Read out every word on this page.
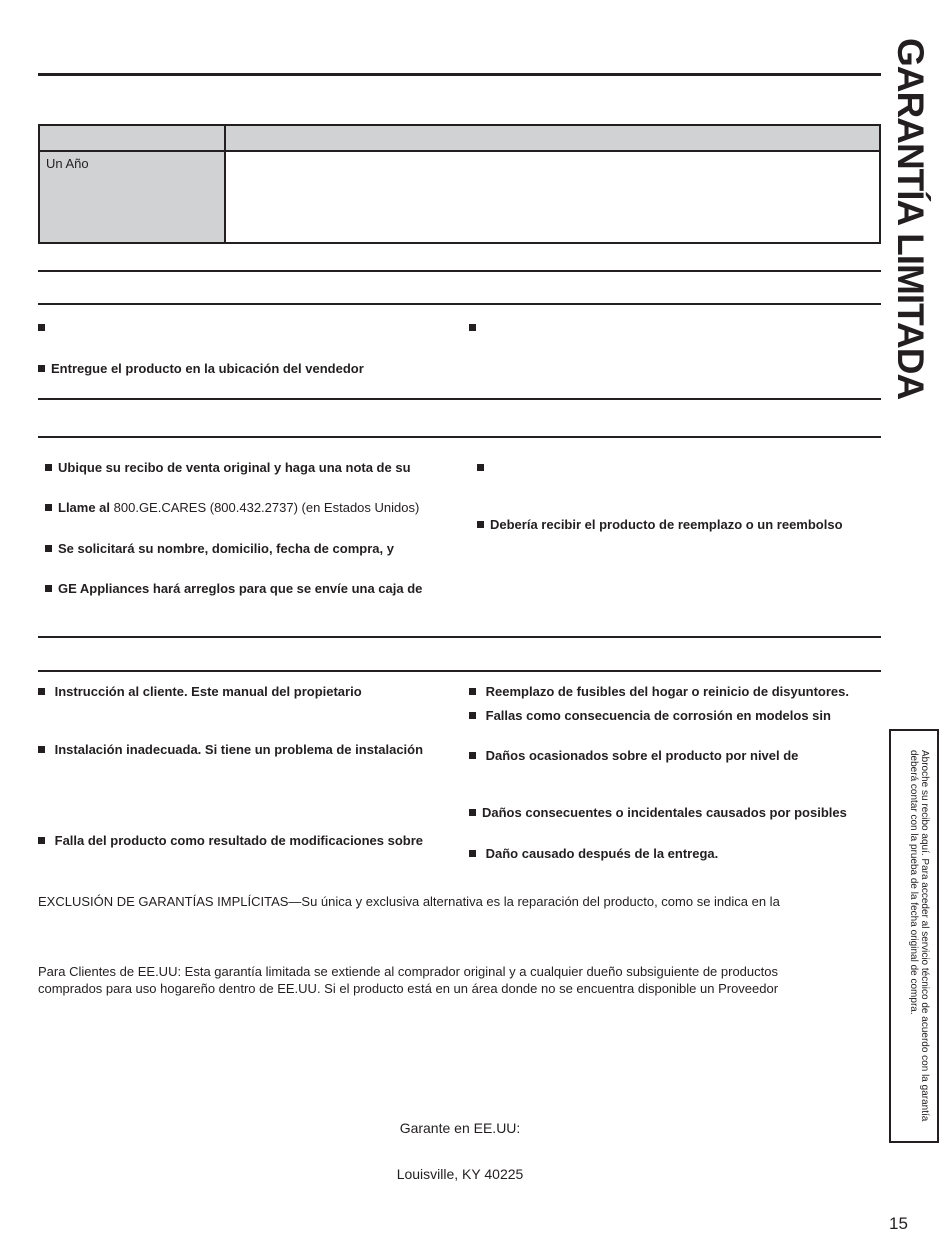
Un Año
Entregue el producto en la ubicación del vendedor
Ubique su recibo de venta original y haga una nota de su
Llame al 800.GE.CARES (800.432.2737) (en Estados Unidos)
Se solicitará su nombre, domicilio, fecha de compra, y
GE Appliances hará arreglos para que se envíe una caja de
Debería recibir el producto de reemplazo o un reembolso
Instrucción al cliente. Este manual del propietario
Instalación inadecuada. Si tiene un problema de instalación
Falla del producto como resultado de modificaciones sobre
Reemplazo de fusibles del hogar o reinicio de disyuntores.
Fallas como consecuencia de corrosión en modelos sin
Daños ocasionados sobre el producto por nivel de
Daños consecuentes o incidentales causados por posibles
Daño causado después de la entrega.
EXCLUSIÓN DE GARANTÍAS IMPLÍCITAS—Su única y exclusiva alternativa es la reparación del producto, como se indica en la
Para Clientes de EE.UU: Esta garantía limitada se extiende al comprador original y a cualquier dueño subsiguiente de productos
comprados para uso hogareño dentro de EE.UU. Si el producto está en un área donde no se encuentra disponible un Proveedor
Garante en EE.UU:
Louisville, KY 40225
GARANTÍA LIMITADA
Abroche su recibo aquí. Para acceder al servicio técnico de acuerdo con la garantía deberá contar con la prueba de la fecha original de compra.
15
